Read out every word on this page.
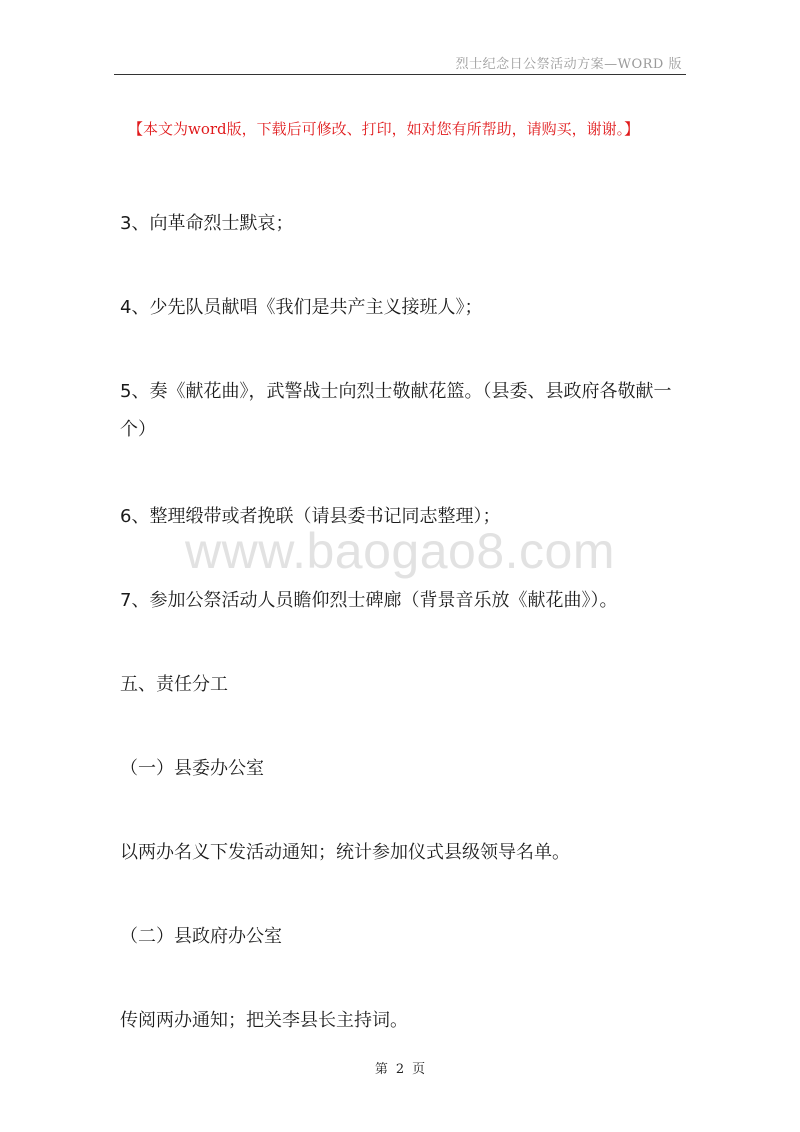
烈士纪念日公祭活动方案—WORD 版
【本文为word版，下载后可修改、打印，如对您有所帮助，请购买，谢谢。】
www.baogao8.com
3、向革命烈士默哀；
4、少先队员献唱《我们是共产主义接班人》；
5、奏《献花曲》，武警战士向烈士敬献花篮。（县委、县政府各敬献一个）
6、整理缎带或者挽联（请县委书记同志整理）；
7、参加公祭活动人员瞻仰烈士碑廊（背景音乐放《献花曲》）。
五、责任分工
（一）县委办公室
以两办名义下发活动通知；统计参加仪式县级领导名单。
（二）县政府办公室
传阅两办通知；把关李县长主持词。
第 2 页
